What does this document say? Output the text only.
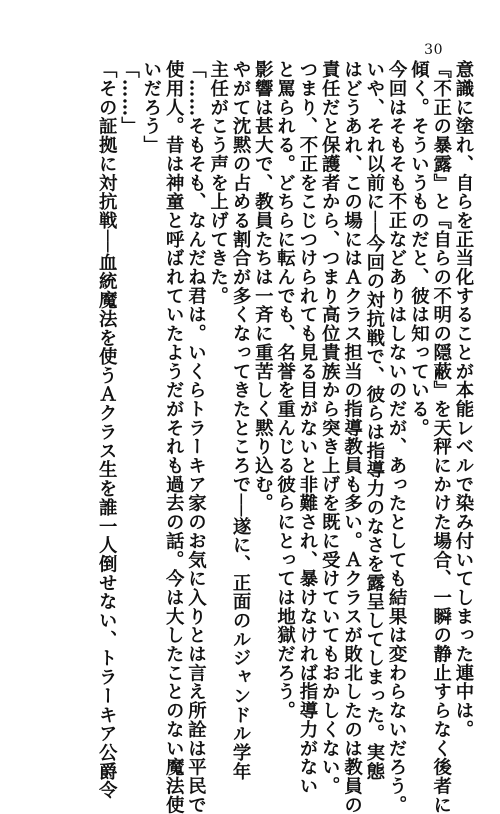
30
意識に塗れ、自らを正当化することが本能レベルで染み付いてしまった連中は。
『不正の暴露』と『自らの不明の隠蔽』を天秤にかけた場合、一瞬の静止すらなく後者に
傾く。そういうものだと、彼は知っている。
今回はそもそも不正などありはしないのだが、あったとしても結果は変わらないだろう。
いや、それ以前に──今回の対抗戦で、彼らは指導力のなさを露呈してしまった。実態
はどうあれ、この場にはＡクラス担当の指導教員も多い。Ａクラスが敗北したのは教員の
責任だと保護者から、つまり高位貴族から突き上げを既に受けていてもおかしくない。
つまり、不正をこじつけられても見る目がないと非難され、暴けなければ指導力がない
と罵られる。どちらに転んでも、名誉を重んじる彼らにとっては地獄だろう。
影響は甚大で、教員たちは一斉に重苦しく黙り込む。
やがて沈黙の占める割合が多くなってきたところで──遂に、正面のルジャンドル学年
主任がこう声を上げてきた。
「……そもそも、なんだね君は。いくらトラーキア家のお気に入りとは言え所詮は平民で
使用人。昔は神童と呼ばれていたようだがそれも過去の話。今は大したことのない魔法使
いだろう」
「……」
「その証拠に対抗戦──血統魔法を使うＡクラス生を誰一人倒せない、トラーキア公爵令
